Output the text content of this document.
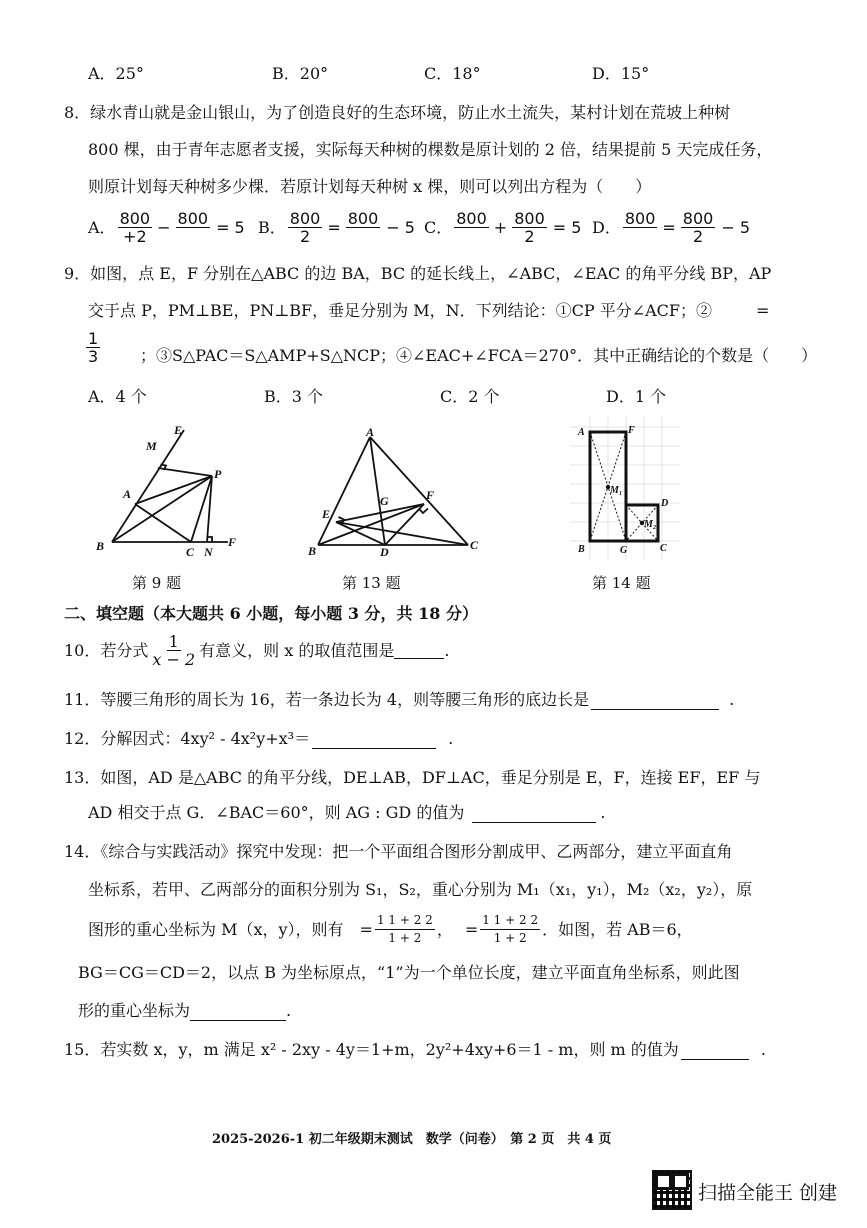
A．25°	B．20°	C．18°	D．15°
8．绿水青山就是金山银山，为了创造良好的生态环境，防止水土流失，某村计划在荒坡上种树
800 棵，由于青年志愿者支援，实际每天种树的棵数是原计划的 2 倍，结果提前 5 天完成任务，
则原计划每天种树多少棵．若原计划每天种树 x 棵，则可以列出方程为（　　）
A． $\frac{800}{+2} - 800$
= 5 B． $\frac{800}{2} = 800$
− 5 C． 800
+ $\frac{800}{2} = 5$ D． 800
= $\frac{800}{2} - 5$
9．如图，点 E，F 分别在△ABC 的边 BA，BC 的延长线上，∠ABC，∠EAC 的角平分线 BP，AP
交于点 P，PM⊥BE，PN⊥BF，垂足分别为 M，N．下列结论：①CP 平分∠ACF；②	=
$\frac{1}{3}$ ；③S△PAC＝S△AMP+S△NCP；④∠EAC+∠FCA＝270°．其中正确结论的个数是（　　）
A．4 个	B．3 个	C．2 个	D．1 个
E
M
A
P
B	C N
F
A
G	F
E
B	D	C
A	F
M₁
D
M₂
B	G	C
第 9 题	第 13 题	第 14 题
二、填空题（本大题共 6 小题，每小题 3 分，共 18 分）
10．若分式 $\frac{1}{x - 2}$ 有意义，则 x 的取值范围是	.
11．等腰三角形的周长为 16，若一条边长为 4，则等腰三角形的底边长是	.
12．分解因式：4xy² - 4x²y+x³＝	.
13．如图，AD 是△ABC 的角平分线，DE⊥AB，DF⊥AC，垂足分别是 E，F，连接 EF，EF 与
AD 相交于点 G．∠BAC＝60°，则 AG : GD 的值为	.
14．《综合与实践活动》探究中发现：把一个平面组合图形分割成甲、乙两部分，建立平面直角
坐标系，若甲、乙两部分的面积分别为 S₁，S₂，重心分别为 M₁（x₁，y₁），M₂（x₂，y₂），原
图形的重心坐标为 M（x，y），则有 = $\frac{1 1 + 2 2}{1 + 2}$ ， = $\frac{1 1 + 2 2}{1 + 2}$ ．如图，若 AB＝6，
BG＝CG＝CD＝2，以点 B 为坐标原点，“1”为一个单位长度，建立平面直角坐标系，则此图
形的重心坐标为	.
15．若实数 x，y，m 满足 x² - 2xy - 4y＝1+m，2y²+4xy+6＝1 - m，则 m 的值为	.
2025-2026-1 初二年级期末测试　数学（问卷）　第 2 页　共 4 页
扫描全能王 创建
